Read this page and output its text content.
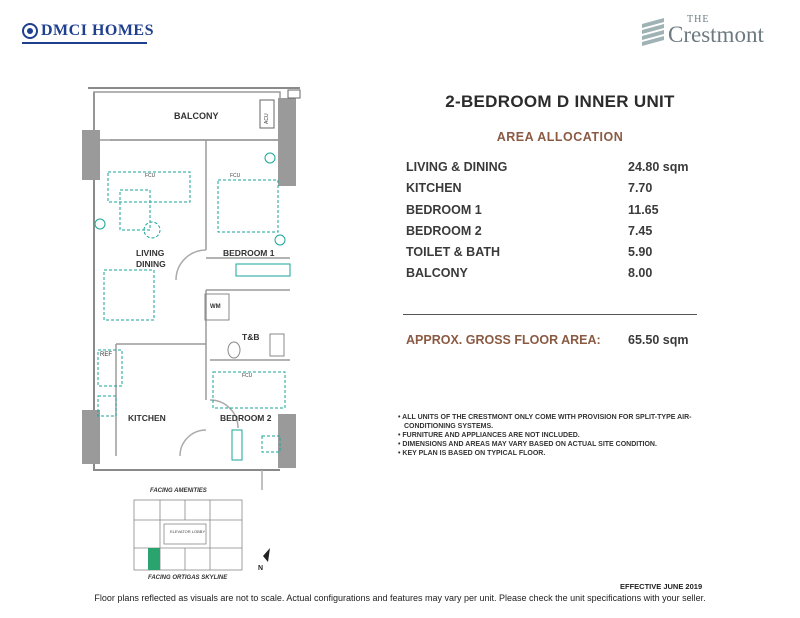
DMCI HOMES
THE
Crestmont
BALCONY
LIVING
DINING
BEDROOM 1
T&B
WM
REF
KITCHEN	BEDROOM 2
ACU
FCU	FCU
FCU
2-BEDROOM D INNER UNIT
AREA ALLOCATION
LIVING & DINING	24.80 sqm
KITCHEN	7.70
BEDROOM 1	11.65
BEDROOM 2	7.45
TOILET & BATH	5.90
BALCONY	8.00
APPROX. GROSS FLOOR AREA: 65.50 sqm
• ALL UNITS OF THE CRESTMONT ONLY COME WITH PROVISION FOR SPLIT-TYPE AIR-CONDITIONING SYSTEMS.
• FURNITURE AND APPLIANCES ARE NOT INCLUDED.
• DIMENSIONS AND AREAS MAY VARY BASED ON ACTUAL SITE CONDITION.
• KEY PLAN IS BASED ON TYPICAL FLOOR.
FACING AMENITIES
ELEVATOR LOBBY
N
FACING ORTIGAS SKYLINE
EFFECTIVE JUNE 2019
Floor plans reflected as visuals are not to scale. Actual configurations and features may vary per unit. Please check the unit specifications with your seller.
